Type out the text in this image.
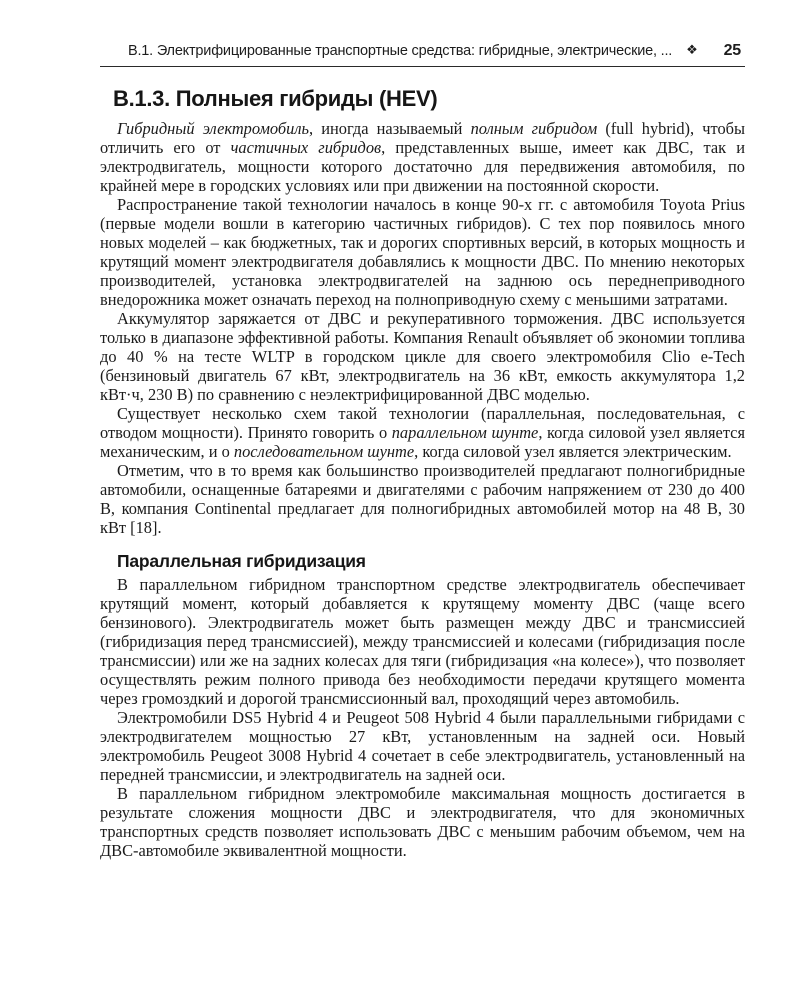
В.1. Электрифицированные транспортные средства: гибридные, электрические, ... ❖ 25
В.1.3. Полныея гибриды (HEV)

Гибридный электромобиль, иногда называемый полным гибридом (full hybrid), чтобы отличить его от частичных гибридов, представленных выше, имеет как ДВС, так и электродвигатель, мощности которого достаточно для передвижения автомобиля, по крайней мере в городских условиях или при движении на постоянной скорости.

Распространение такой технологии началось в конце 90-х гг. с автомобиля Toyota Prius (первые модели вошли в категорию частичных гибридов). С тех пор появилось много новых моделей – как бюджетных, так и дорогих спортивных версий, в которых мощность и крутящий момент электродвигателя добавлялись к мощности ДВС. По мнению некоторых производителей, установка электродвигателей на заднюю ось переднеприводного внедорожника может означать переход на полноприводную схему с меньшими затратами.

Аккумулятор заряжается от ДВС и рекуперативного торможения. ДВС используется только в диапазоне эффективной работы. Компания Renault объявляет об экономии топлива до 40 % на тесте WLTP в городском цикле для своего электромобиля Clio e-Tech (бензиновый двигатель 67 кВт, электродвигатель на 36 кВт, емкость аккумулятора 1,2 кВт·ч, 230 В) по сравнению с неэлектрифицированной ДВС моделью.

Существует несколько схем такой технологии (параллельная, последовательная, с отводом мощности). Принято говорить о параллельном шунте, когда силовой узел является механическим, и о последовательном шунте, когда силовой узел является электрическим.

Отметим, что в то время как большинство производителей предлагают полногибридные автомобили, оснащенные батареями и двигателями с рабочим напряжением от 230 до 400 В, компания Continental предлагает для полногибридных автомобилей мотор на 48 В, 30 кВт [18].

Параллельная гибридизация

В параллельном гибридном транспортном средстве электродвигатель обеспечивает крутящий момент, который добавляется к крутящему моменту ДВС (чаще всего бензинового). Электродвигатель может быть размещен между ДВС и трансмиссией (гибридизация перед трансмиссией), между трансмиссией и колесами (гибридизация после трансмиссии) или же на задних колесах для тяги (гибридизация «на колесе»), что позволяет осуществлять режим полного привода без необходимости передачи крутящего момента через громоздкий и дорогой трансмиссионный вал, проходящий через автомобиль.

Электромобили DS5 Hybrid 4 и Peugeot 508 Hybrid 4 были параллельными гибридами с электродвигателем мощностью 27 кВт, установленным на задней оси. Новый электромобиль Peugeot 3008 Hybrid 4 сочетает в себе электродвигатель, установленный на передней трансмиссии, и электродвигатель на задней оси.

В параллельном гибридном электромобиле максимальная мощность достигается в результате сложения мощности ДВС и электродвигателя, что для экономичных транспортных средств позволяет использовать ДВС с меньшим рабочим объемом, чем на ДВС-автомобиле эквивалентной мощности.
